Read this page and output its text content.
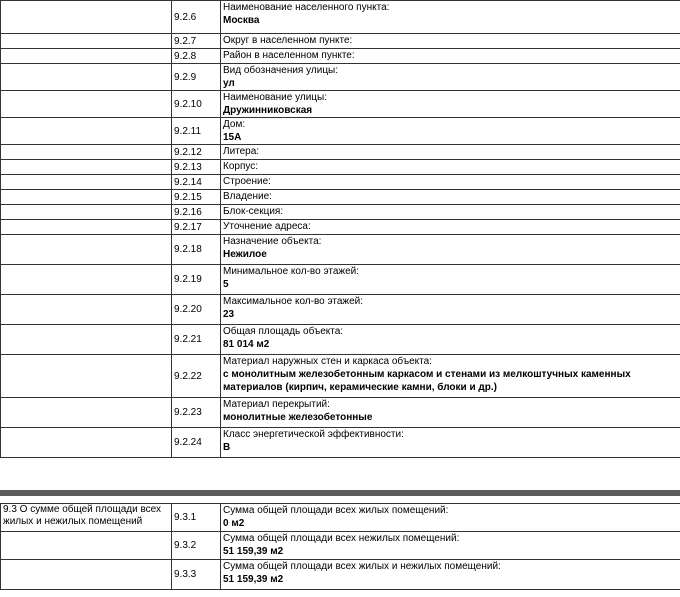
	9.2.6	Наименование населенного пункта:
Москва

	9.2.7	Округ в населенном пункте:

	9.2.8	Район в населенном пункте:

	9.2.9	Вид обозначения улицы:
ул

	9.2.10	Наименование улицы:
Дружинниковская

	9.2.11	Дом:
15А

	9.2.12	Литера:

	9.2.13	Корпус:

	9.2.14	Строение:

	9.2.15	Владение:

	9.2.16	Блок-секция:

	9.2.17	Уточнение адреса:

	9.2.18	Назначение объекта:
Нежилое

	9.2.19	Минимальное кол-во этажей:
5

	9.2.20	Максимальное кол-во этажей:
23

	9.2.21	Общая площадь объекта:
81 014 м2

	9.2.22	Материал наружных стен и каркаса объекта:
с монолитным железобетонным каркасом и стенами из мелкоштучных каменных материалов (кирпич, керамические камни, блоки и др.)

	9.2.23	Материал перекрытий:
монолитные железобетонные

	9.2.24	Класс энергетической эффективности:
В
9.3 О сумме общей площади всех жилых и нежилых помещений	9.3.1	Сумма общей площади всех жилых помещений:
0 м2

	9.3.2	Сумма общей площади всех нежилых помещений:
51 159,39 м2

	9.3.3	Сумма общей площади всех жилых и нежилых помещений:
51 159,39 м2
